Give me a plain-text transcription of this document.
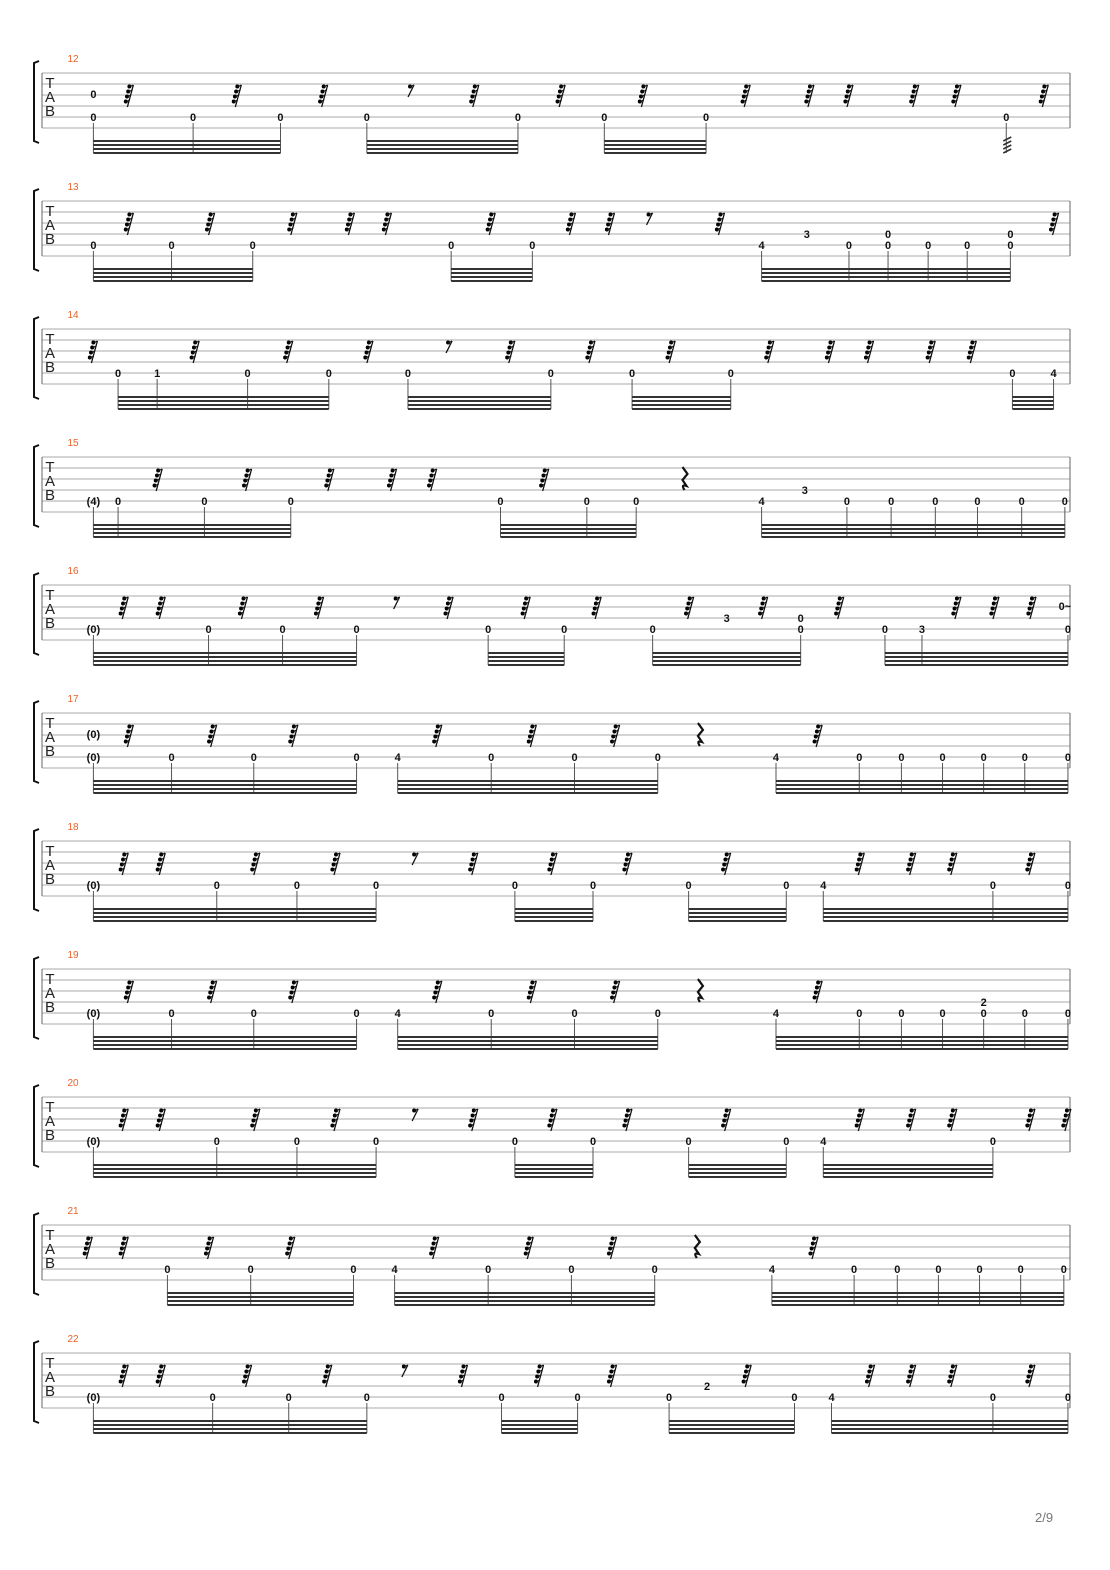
12
T
A
B
0
0	0	0	0	0	0	0	0
13
T
A
B	3	0	0
0	0	0	0	0	4	0	0	0	0	0
14
T
A
B	0	1	0	0	0	0	0	0	0	4
15
T
A
B	3
(4) 0	0	0	0	0	0	4	0	0	0	0	0	0
16
T
A
B
0~
3	0
(0)	0	0	0	0	0	0	0	0	3	0
17
T
A
B
(0)
(0)	0	0	0	4	0	0	0	4	0	0	0	0	0	0
18
T
A
B	(0)	0	0	0	0	0	0	0	4	0	0
19
T
A
B	2
(0)	0	0	0	4	0	0	0	4	0	0	0	0	0	0
20
T
A
B	(0)	0	0	0	0	0	0	0	4	0
21
T
A
B	0	0	0	4	0	0	0	4	0	0	0	0	0	0
22
T
A
B	2
(0)	0	0	0	0	0	0	0	4	0	0
2/9
